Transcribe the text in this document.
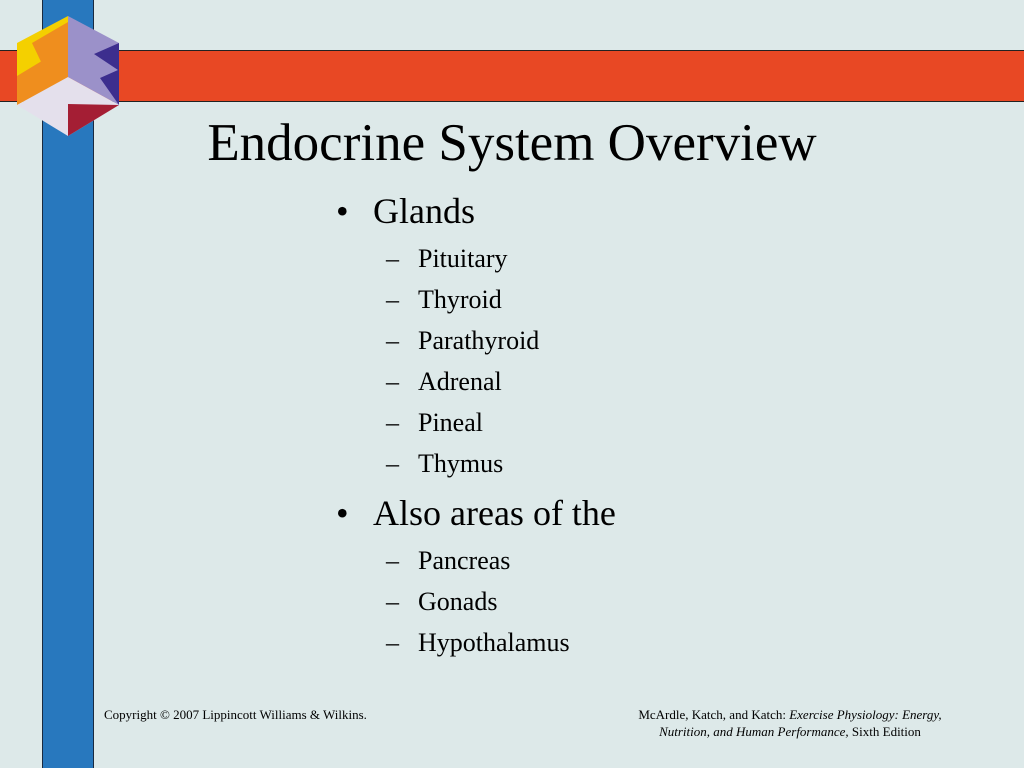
Endocrine System Overview
• Glands
– Pituitary
– Thyroid
– Parathyroid
– Adrenal
– Pineal
– Thymus
• Also areas of the
– Pancreas
– Gonads
– Hypothalamus
Copyright © 2007 Lippincott Williams & Wilkins.	McArdle, Katch, and Katch: Exercise Physiology: Energy,
Nutrition, and Human Performance, Sixth Edition
